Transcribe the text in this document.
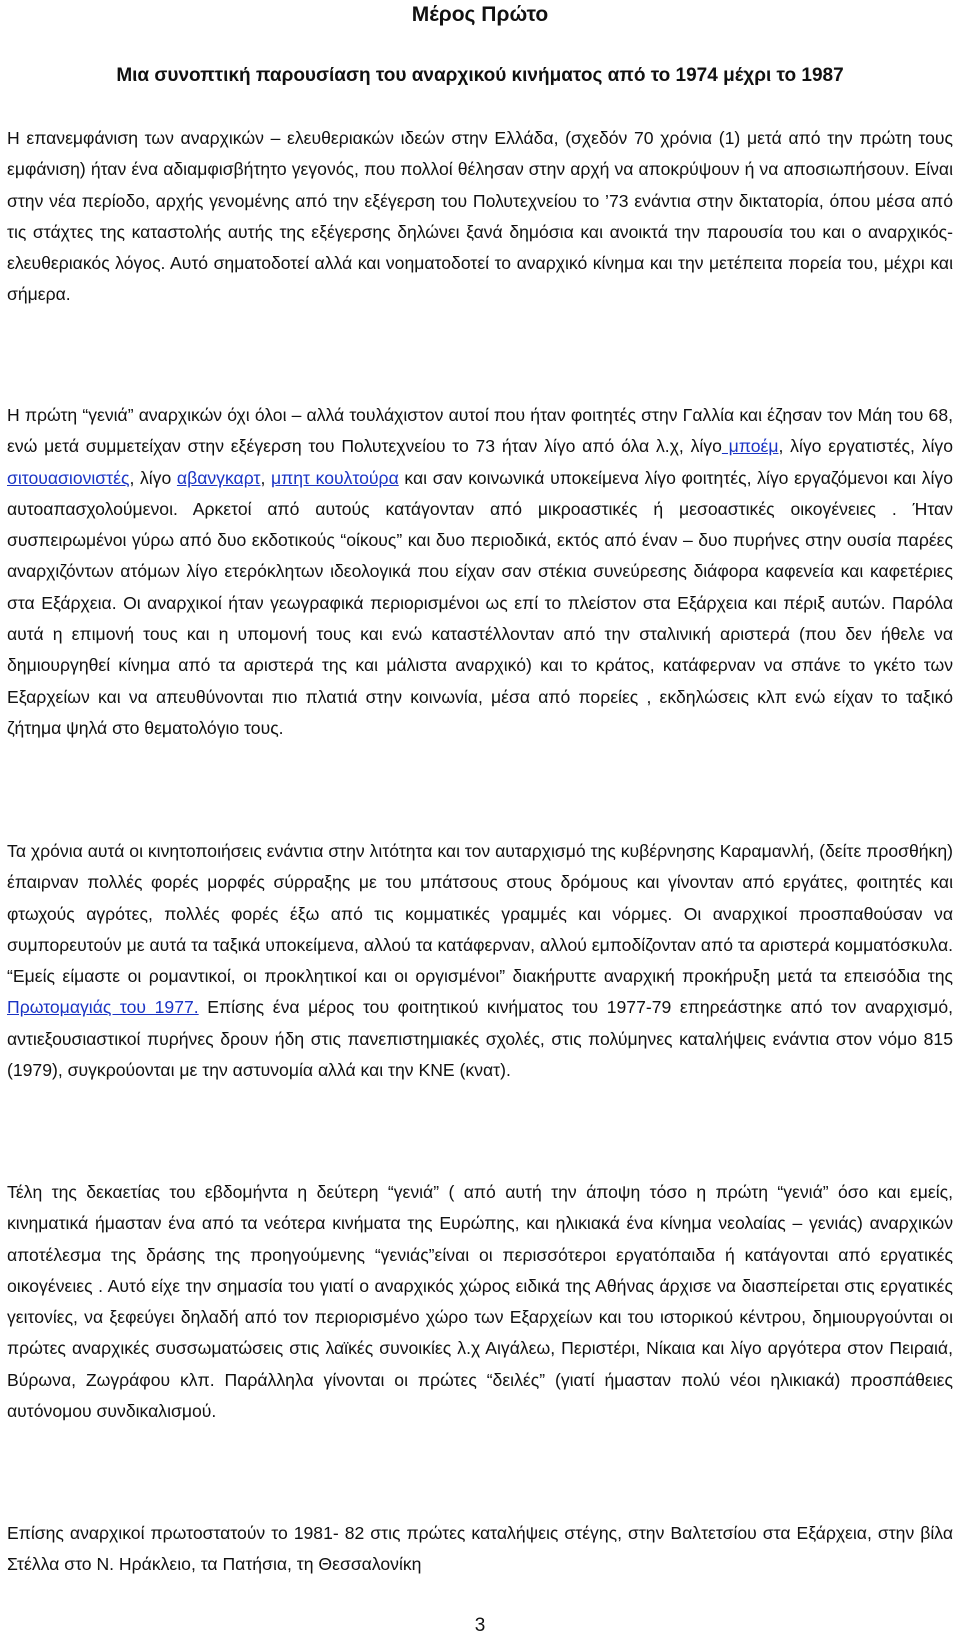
Μέρος Πρώτο
Μια συνοπτική παρουσίαση του αναρχικού κινήματος από το 1974 μέχρι το 1987

Η επανεμφάνιση των αναρχικών – ελευθεριακών ιδεών στην Ελλάδα, (σχεδόν 70 χρόνια (1) μετά από την πρώτη τους εμφάνιση) ήταν ένα αδιαμφισβήτητο γεγονός, που πολλοί θέλησαν στην αρχή να αποκρύψουν ή να αποσιωπήσουν. Είναι στην νέα περίοδο, αρχής γενομένης από την εξέγερση του Πολυτεχνείου το ’73 ενάντια στην δικτατορία, όπου μέσα από τις στάχτες της καταστολής αυτής της εξέγερσης δηλώνει ξανά δημόσια και ανοικτά την παρουσία του και ο αναρχικός- ελευθεριακός λόγος. Αυτό σηματοδοτεί αλλά και νοηματοδοτεί το αναρχικό κίνημα και την μετέπειτα πορεία του, μέχρι και σήμερα.

Η πρώτη “γενιά” αναρχικών όχι όλοι – αλλά τουλάχιστον αυτοί που ήταν φοιτητές στην Γαλλία και έζησαν τον Μάη του 68, ενώ μετά συμμετείχαν στην εξέγερση του Πολυτεχνείου το 73 ήταν λίγο από όλα λ.χ, λίγο μποέμ, λίγο εργατιστές, λίγο σιτουασιονιστές, λίγο αβανγκαρτ, μπητ κουλτούρα και σαν κοινωνικά υποκείμενα λίγο φοιτητές, λίγο εργαζόμενοι και λίγο αυτοαπασχολούμενοι. Αρκετοί από αυτούς κατάγονταν από μικροαστικές ή μεσοαστικές οικογένειες . Ήταν συσπειρωμένοι γύρω από δυο εκδοτικούς “οίκους” και δυο περιοδικά, εκτός από έναν – δυο πυρήνες στην ουσία παρέες αναρχιζόντων ατόμων λίγο ετερόκλητων ιδεολογικά που είχαν σαν στέκια συνεύρεσης διάφορα καφενεία και καφετέριες στα Εξάρχεια. Οι αναρχικοί ήταν γεωγραφικά περιορισμένοι ως επί το πλείστον στα Εξάρχεια και πέριξ αυτών. Παρόλα αυτά η επιμονή τους και η υπομονή τους και ενώ καταστέλλονταν από την σταλινική αριστερά (που δεν ήθελε να δημιουργηθεί κίνημα από τα αριστερά της και μάλιστα αναρχικό) και το κράτος, κατάφερναν να σπάνε το γκέτο των Εξαρχείων και να απευθύνονται πιο πλατιά στην κοινωνία, μέσα από πορείες , εκδηλώσεις κλπ ενώ είχαν το ταξικό ζήτημα ψηλά στο θεματολόγιο τους.

Τα χρόνια αυτά οι κινητοποιήσεις ενάντια στην λιτότητα και τον αυταρχισμό της κυβέρνησης Καραμανλή, (δείτε προσθήκη) έπαιρναν πολλές φορές μορφές σύρραξης με του μπάτσους στους δρόμους και γίνονταν από εργάτες, φοιτητές και φτωχούς αγρότες, πολλές φορές έξω από τις κομματικές γραμμές και νόρμες. Οι αναρχικοί προσπαθούσαν να συμπορευτούν με αυτά τα ταξικά υποκείμενα, αλλού τα κατάφερναν, αλλού εμποδίζονταν από τα αριστερά κομματόσκυλα. “Εμείς είμαστε οι ρομαντικοί, οι προκλητικοί και οι οργισμένοι” διακήρυττε αναρχική προκήρυξη μετά τα επεισόδια της Πρωτομαγιάς του 1977. Επίσης ένα μέρος του φοιτητικού κινήματος του 1977-79 επηρεάστηκε από τον αναρχισμό, αντιεξουσιαστικοί πυρήνες δρουν ήδη στις πανεπιστημιακές σχολές, στις πολύμηνες καταλήψεις ενάντια στον νόμο 815 (1979), συγκρούονται με την αστυνομία αλλά και την ΚΝΕ (κνατ).

Τέλη της δεκαετίας του εβδομήντα η δεύτερη “γενιά” ( από αυτή την άποψη τόσο η πρώτη “γενιά” όσο και εμείς, κινηματικά ήμασταν ένα από τα νεότερα κινήματα της Ευρώπης, και ηλικιακά ένα κίνημα νεολαίας – γενιάς) αναρχικών αποτέλεσμα της δράσης της προηγούμενης “γενιάς”είναι οι περισσότεροι εργατόπαιδα ή κατάγονται από εργατικές οικογένειες . Αυτό είχε την σημασία του γιατί ο αναρχικός χώρος ειδικά της Αθήνας άρχισε να διασπείρεται στις εργατικές γειτονίες, να ξεφεύγει δηλαδή από τον περιορισμένο χώρο των Εξαρχείων και του ιστορικού κέντρου, δημιουργούνται οι πρώτες αναρχικές συσσωματώσεις στις λαϊκές συνοικίες λ.χ Αιγάλεω, Περιστέρι, Νίκαια και λίγο αργότερα στον Πειραιά, Βύρωνα, Ζωγράφου κλπ. Παράλληλα γίνονται οι πρώτες “δειλές” (γιατί ήμασταν πολύ νέοι ηλικιακά) προσπάθειες αυτόνομου συνδικαλισμού.

Επίσης αναρχικοί πρωτοστατούν το 1981- 82 στις πρώτες καταλήψεις στέγης, στην Βαλτετσίου στα Εξάρχεια, στην βίλα Στέλλα στο Ν. Ηράκλειο, τα Πατήσια, τη Θεσσαλονίκη

3
